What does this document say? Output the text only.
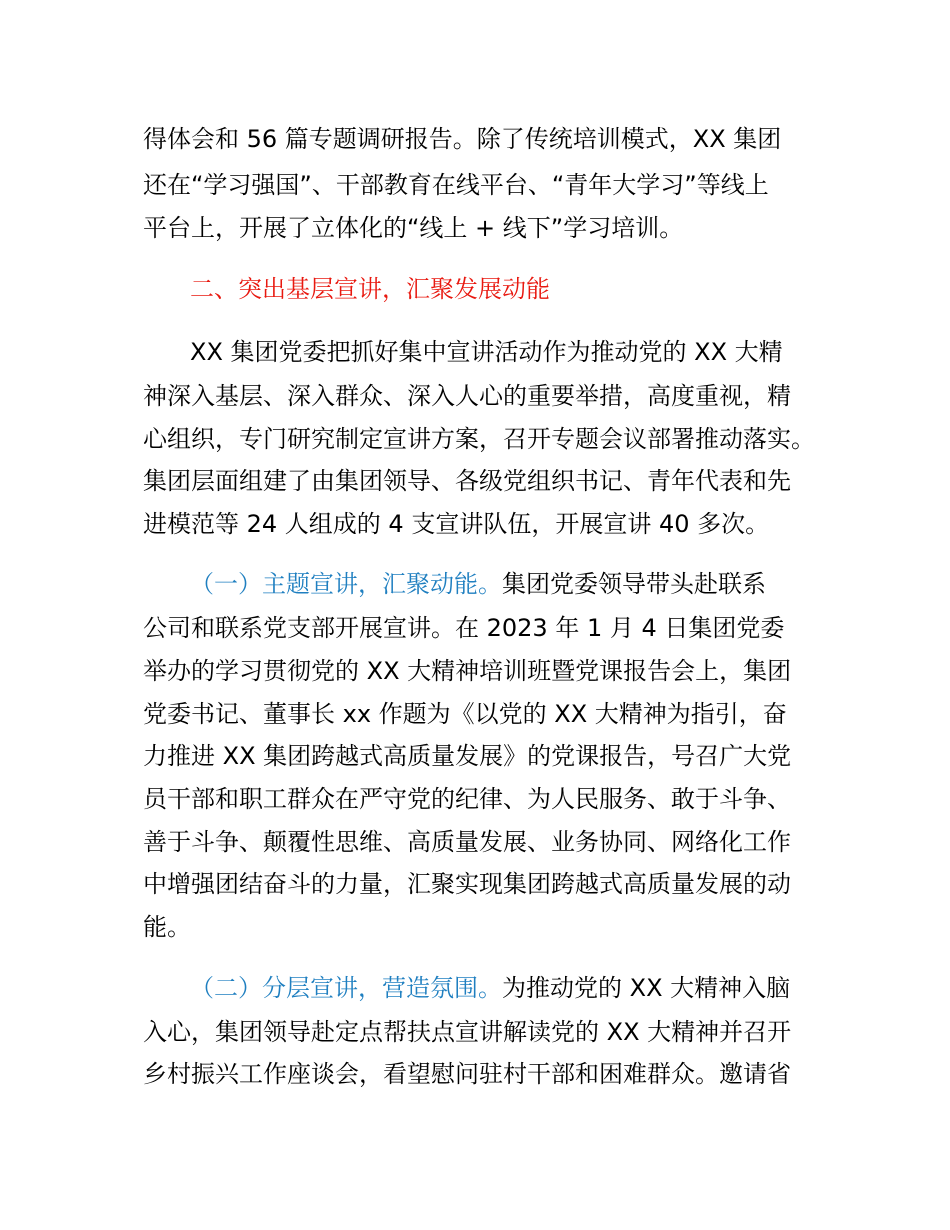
得体会和 56 篇专题调研报告。除了传统培训模式，XX 集团
还在“学习强国”、干部教育在线平台、“青年大学习”等线上
平台上，开展了立体化的“线上 + 线下”学习培训。
二、突出基层宣讲，汇聚发展动能
XX 集团党委把抓好集中宣讲活动作为推动党的 XX 大精
神深入基层、深入群众、深入人心的重要举措，高度重视，精
心组织，专门研究制定宣讲方案，召开专题会议部署推动落实。
集团层面组建了由集团领导、各级党组织书记、青年代表和先
进模范等 24 人组成的 4 支宣讲队伍，开展宣讲 40 多次。
（一）主题宣讲，汇聚动能。集团党委领导带头赴联系
公司和联系党支部开展宣讲。在 2023 年 1 月 4 日集团党委
举办的学习贯彻党的 XX 大精神培训班暨党课报告会上，集团
党委书记、董事长 xx 作题为《以党的 XX 大精神为指引，奋
力推进 XX 集团跨越式高质量发展》的党课报告，号召广大党
员干部和职工群众在严守党的纪律、为人民服务、敢于斗争、
善于斗争、颠覆性思维、高质量发展、业务协同、网络化工作
中增强团结奋斗的力量，汇聚实现集团跨越式高质量发展的动
能。
（二）分层宣讲，营造氛围。为推动党的 XX 大精神入脑
入心，集团领导赴定点帮扶点宣讲解读党的 XX 大精神并召开
乡村振兴工作座谈会，看望慰问驻村干部和困难群众。邀请省
